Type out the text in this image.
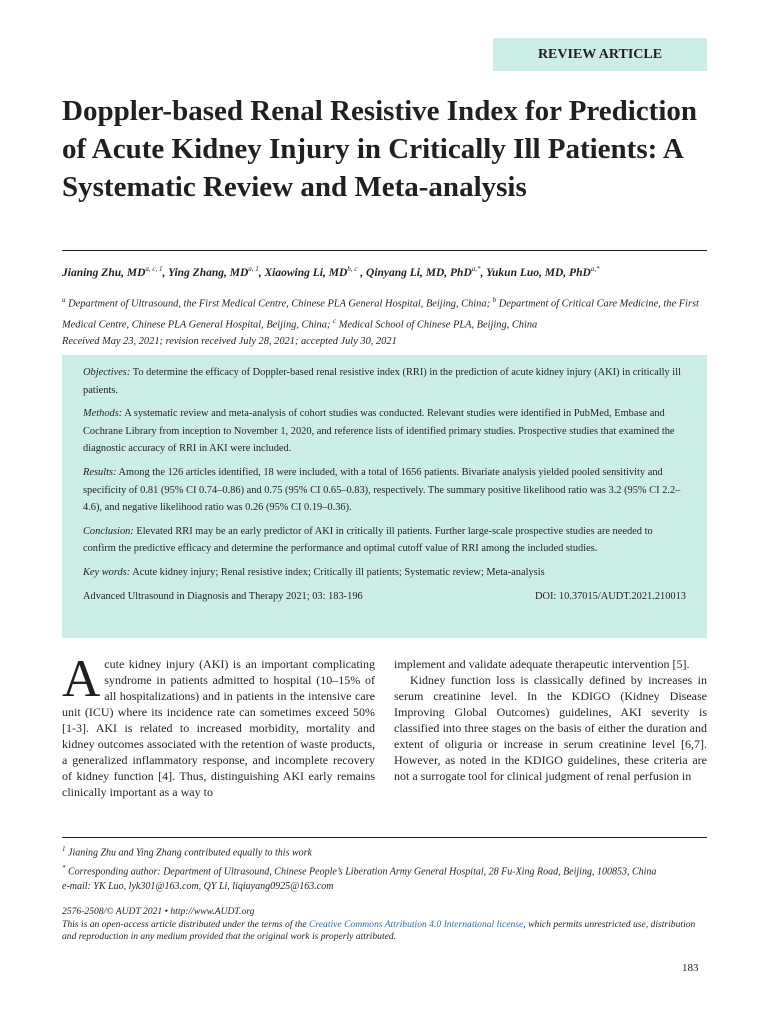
REVIEW ARTICLE
Doppler-based Renal Resistive Index for Prediction of Acute Kidney Injury in Critically Ill Patients: A Systematic Review and Meta-analysis
Jianing Zhu, MD$^{a, c, 1}$, Ying Zhang, MD$^{a, 1}$, Xiaowing Li, MD$^{b, c}$ , Qinyang Li, MD, PhD$^{a,*}$, Yukun Luo, MD, PhD$^{a,*}$
$^a$ Department of Ultrasound, the First Medical Centre, Chinese PLA General Hospital, Beijing, China; $^b$ Department of Critical Care Medicine, the First Medical Centre, Chinese PLA General Hospital, Beijing, China; $^c$ Medical School of Chinese PLA, Beijing, China
Received May 23, 2021; revision received July 28, 2021; accepted July 30, 2021

Objectives: To determine the efficacy of Doppler-based renal resistive index (RRI) in the prediction of acute kidney injury (AKI) in critically ill patients.

Methods: A systematic review and meta-analysis of cohort studies was conducted. Relevant studies were identified in PubMed, Embase and Cochrane Library from inception to November 1, 2020, and reference lists of identified primary studies. Prospective studies that examined the diagnostic accuracy of RRI in AKI were included.

Results: Among the 126 articles identified, 18 were included, with a total of 1656 patients. Bivariate analysis yielded pooled sensitivity and specificity of 0.81 (95% CI 0.74–0.86) and 0.75 (95% CI 0.65–0.83), respectively. The summary positive likelihood ratio was 3.2 (95% CI 2.2–4.6), and negative likelihood ratio was 0.26 (95% CI 0.19–0.36).

Conclusion: Elevated RRI may be an early predictor of AKI in critically ill patients. Further large-scale prospective studies are needed to confirm the predictive efficacy and determine the performance and optimal cutoff value of RRI among the included studies.

Key words: Acute kidney injury; Renal resistive index; Critically ill patients; Systematic review; Meta-analysis

Advanced Ultrasound in Diagnosis and Therapy 2021; 03: 183-196	DOI: 10.37015/AUDT.2021.210013

Acute kidney injury (AKI) is an important complicating syndrome in patients admitted to hospital (10–15% of all hospitalizations) and in patients in the intensive care unit (ICU) where its incidence rate can sometimes exceed 50% [1-3]. AKI is related to increased morbidity, mortality and kidney outcomes associated with the retention of waste products, a generalized inflammatory response, and incomplete recovery of kidney function [4]. Thus, distinguishing AKI early remains clinically important as a way to

implement and validate adequate therapeutic intervention [5].

Kidney function loss is classically defined by increases in serum creatinine level. In the KDIGO (Kidney Disease Improving Global Outcomes) guidelines, AKI severity is classified into three stages on the basis of either the duration and extent of oliguria or increase in serum creatinine level [6,7]. However, as noted in the KDIGO guidelines, these criteria are not a surrogate tool for clinical judgment of renal perfusion in

$^1$ Jianing Zhu and Ying Zhang contributed equally to this work
* Corresponding author: Department of Ultrasound, Chinese People’s Liberation Army General Hospital, 28 Fu-Xing Road, Beijing, 100853, China
e-mail: YK Luo, lyk301@163.com, QY Li, liqiuyang0925@163.com
2576-2508/© AUDT 2021 • http://www.AUDT.org
This is an open-access article distributed under the terms of the Creative Commons Attribution 4.0 International license, which permits unrestricted use, distribution and reproduction in any medium provided that the original work is properly attributed.
183
